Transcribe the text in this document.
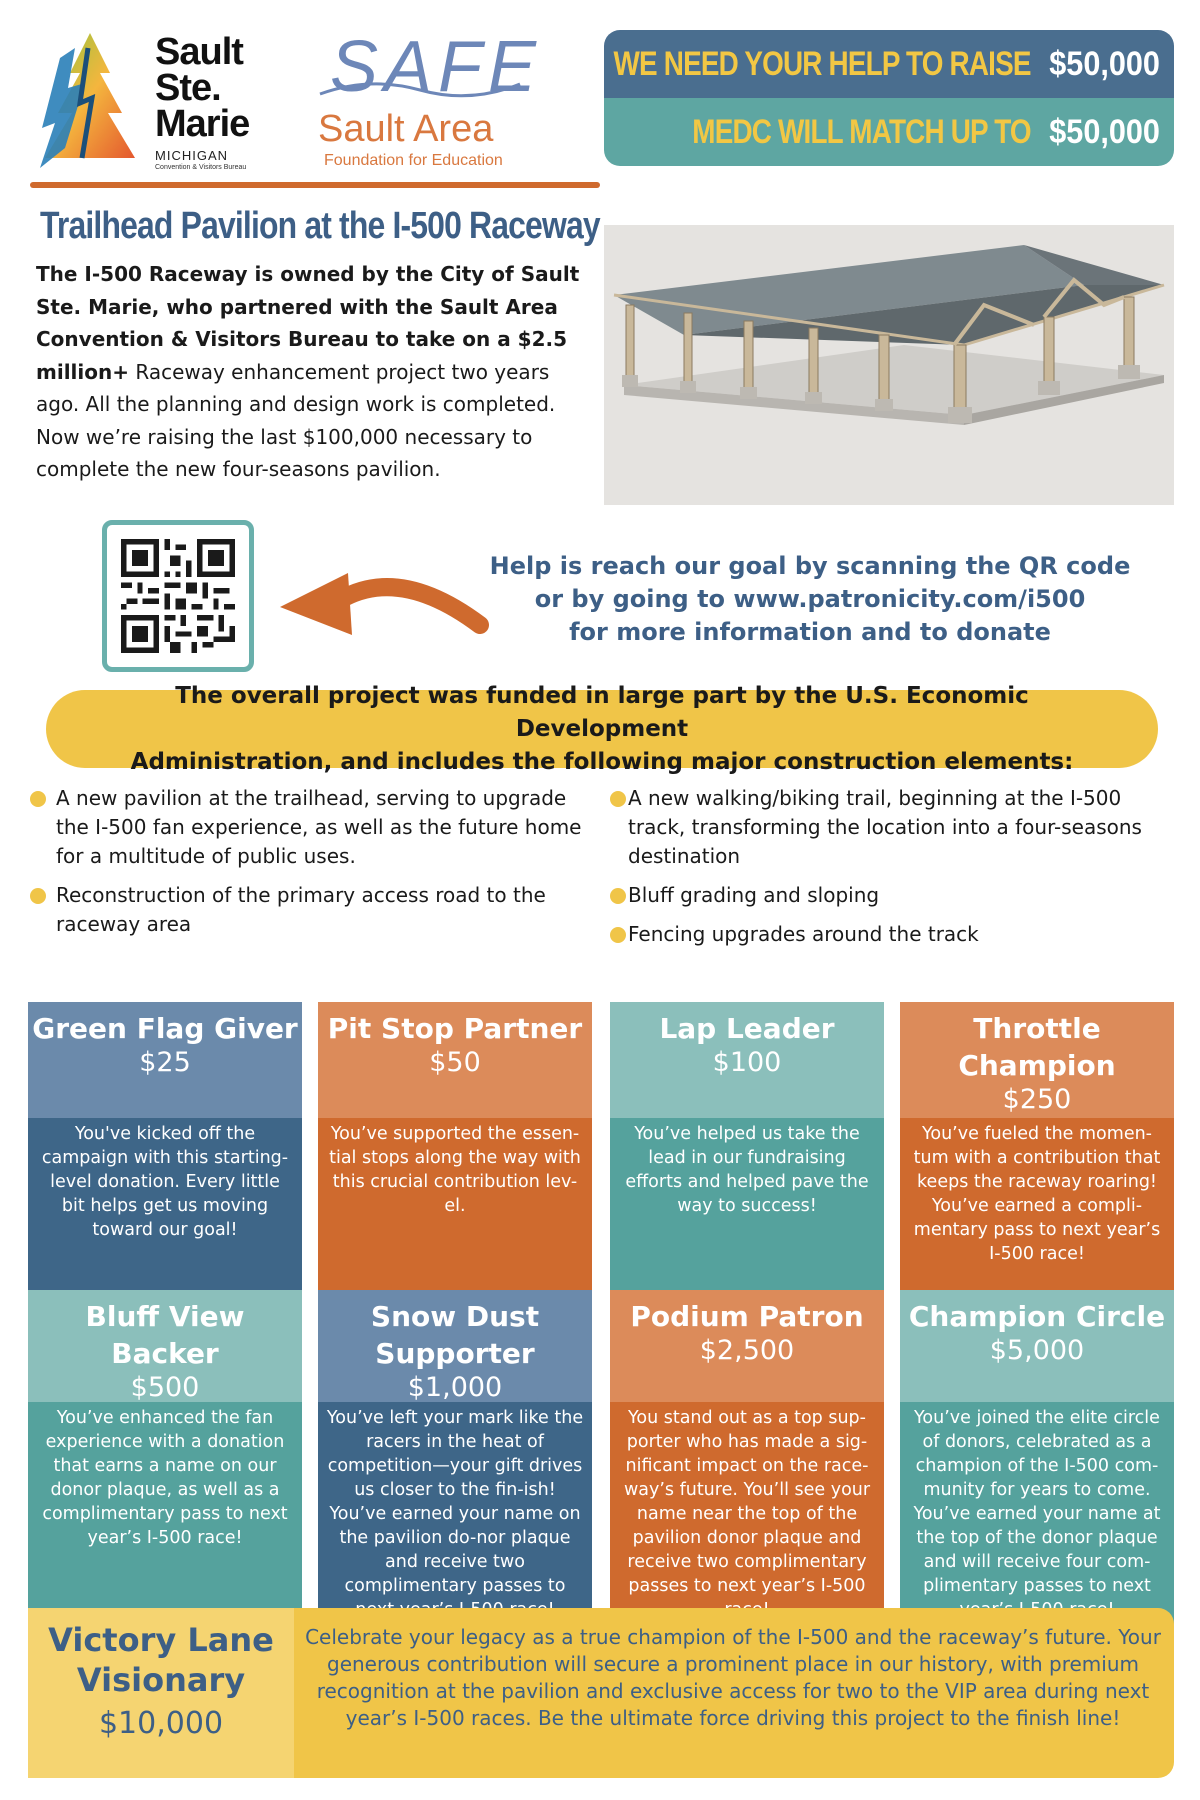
Sault
Ste.
Marie
MICHIGAN
Convention & Visitors Bureau
SAFE
Sault Area
Foundation for Education
WE NEED YOUR HELP TO RAISE $50,000
MEDC WILL MATCH UP TO $50,000
Trailhead Pavilion at the I-500 Raceway
The I-500 Raceway is owned by the City of Sault Ste. Marie, who partnered with the Sault Area Convention & Visitors Bureau to take on a $2.5 million+ Raceway enhancement project two years ago. All the planning and design work is completed. Now we’re raising the last $100,000 necessary to complete the new four-seasons pavilion.
Help is reach our goal by scanning the QR code
or by going to www.patronicity.com/i500
for more information and to donate
The overall project was funded in large part by the U.S. Economic Development
Administration, and includes the following major construction elements:
A new pavilion at the trailhead, serving to upgrade the I-500 fan experience, as well as the future home for a multitude of public uses.
Reconstruction of the primary access road to the raceway area
A new walking/biking trail, beginning at the I-500 track, transforming the location into a four-seasons destination
Bluff grading and sloping
Fencing upgrades around the track
Green Flag Giver
$25
You've kicked off the campaign with this starting-level donation. Every little bit helps get us moving toward our goal!
Pit Stop Partner
$50
You’ve supported the essen-tial stops along the way with this crucial contribution lev-el.
Lap Leader
$100
You’ve helped us take the lead in our fundraising efforts and helped pave the way to success!
Throttle Champion
$250
You’ve fueled the momen-tum with a contribution that keeps the raceway roaring! You’ve earned a compli-mentary pass to next year’s I-500 race!
Bluff View Backer
$500
You’ve enhanced the fan experience with a donation that earns a name on our donor plaque, as well as a complimentary pass to next year’s I-500 race!
Snow Dust Supporter
$1,000
You’ve left your mark like the racers in the heat of competition—your gift drives us closer to the fin-ish! You’ve earned your name on the pavilion do-nor plaque and receive two complimentary passes to
Podium Patron
$2,500
You stand out as a top sup-porter who has made a sig-nificant impact on the race-way’s future. You’ll see your name near the top of the pavilion donor plaque and receive two complimentary passes to next year’s I-500
Champion Circle
$5,000
You’ve joined the elite circle of donors, celebrated as a champion of the I-500 com-munity for years to come. You’ve earned your name at the top of the donor plaque and will receive four com-plimentary passes to next
Victory Lane
Visionary
$10,000
Celebrate your legacy as a true champion of the I-500 and the raceway’s future. Your generous contribution will secure a prominent place in our history, with premium recognition at the pavilion and exclusive access for two to the VIP area during next year’s I-500 races. Be the ultimate force driving this project to the finish line!
